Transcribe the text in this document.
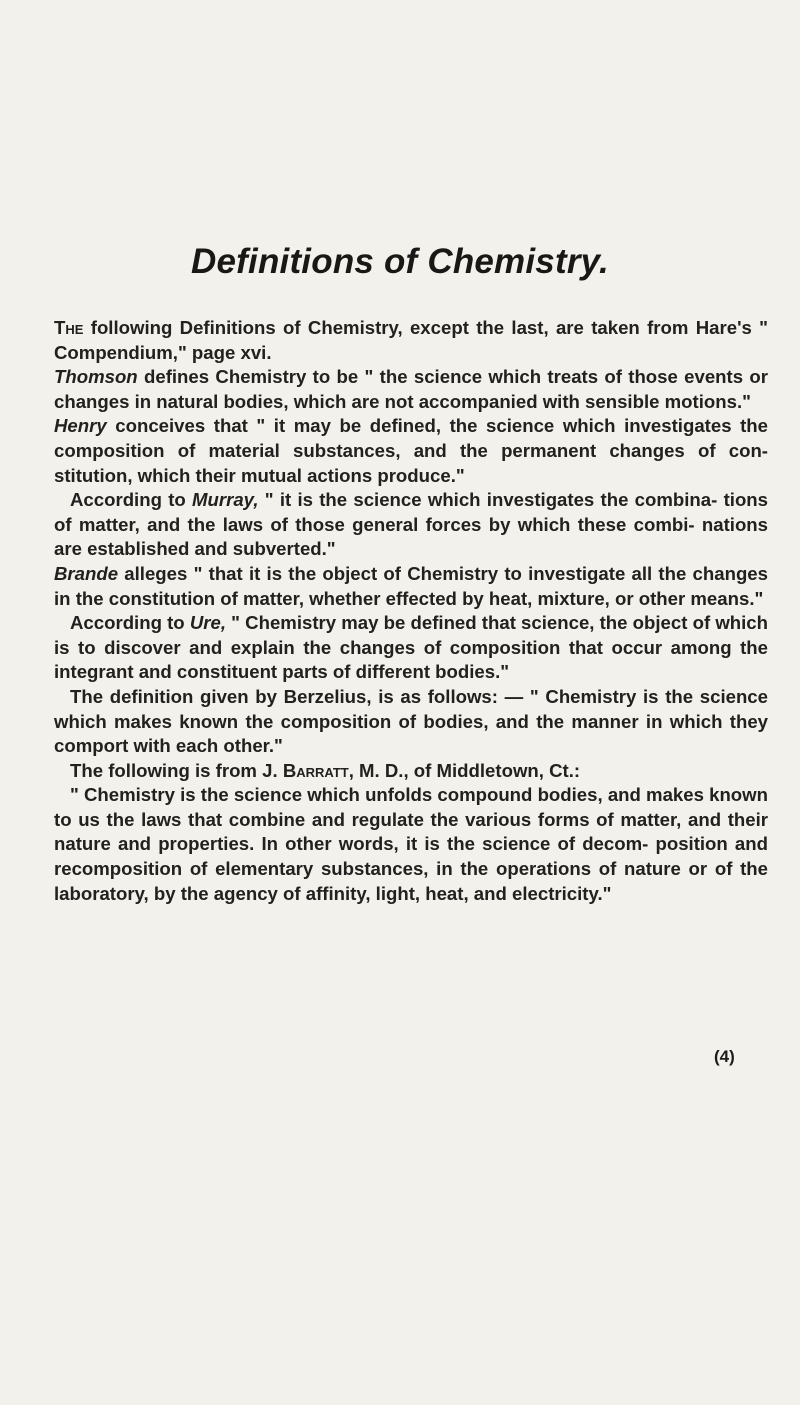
Definitions of Chemistry.

The following Definitions of Chemistry, except the last, are taken from Hare's " Compendium," page xvi.

Thomson defines Chemistry to be " the science which treats of those events or changes in natural bodies, which are not accompanied with sensible motions."

Henry conceives that " it may be defined, the science which investigates the composition of material substances, and the permanent changes of con- stitution, which their mutual actions produce."

According to Murray, " it is the science which investigates the combina- tions of matter, and the laws of those general forces by which these combi- nations are established and subverted."

Brande alleges " that it is the object of Chemistry to investigate all the changes in the constitution of matter, whether effected by heat, mixture, or other means."

According to Ure, " Chemistry may be defined that science, the object of which is to discover and explain the changes of composition that occur among the integrant and constituent parts of different bodies."

The definition given by Berzelius, is as follows: — " Chemistry is the science which makes known the composition of bodies, and the manner in which they comport with each other."

The following is from J. Barratt, M. D., of Middletown, Ct.:

" Chemistry is the science which unfolds compound bodies, and makes known to us the laws that combine and regulate the various forms of matter, and their nature and properties. In other words, it is the science of decom- position and recomposition of elementary substances, in the operations of nature or of the laboratory, by the agency of affinity, light, heat, and electricity."

(4)
